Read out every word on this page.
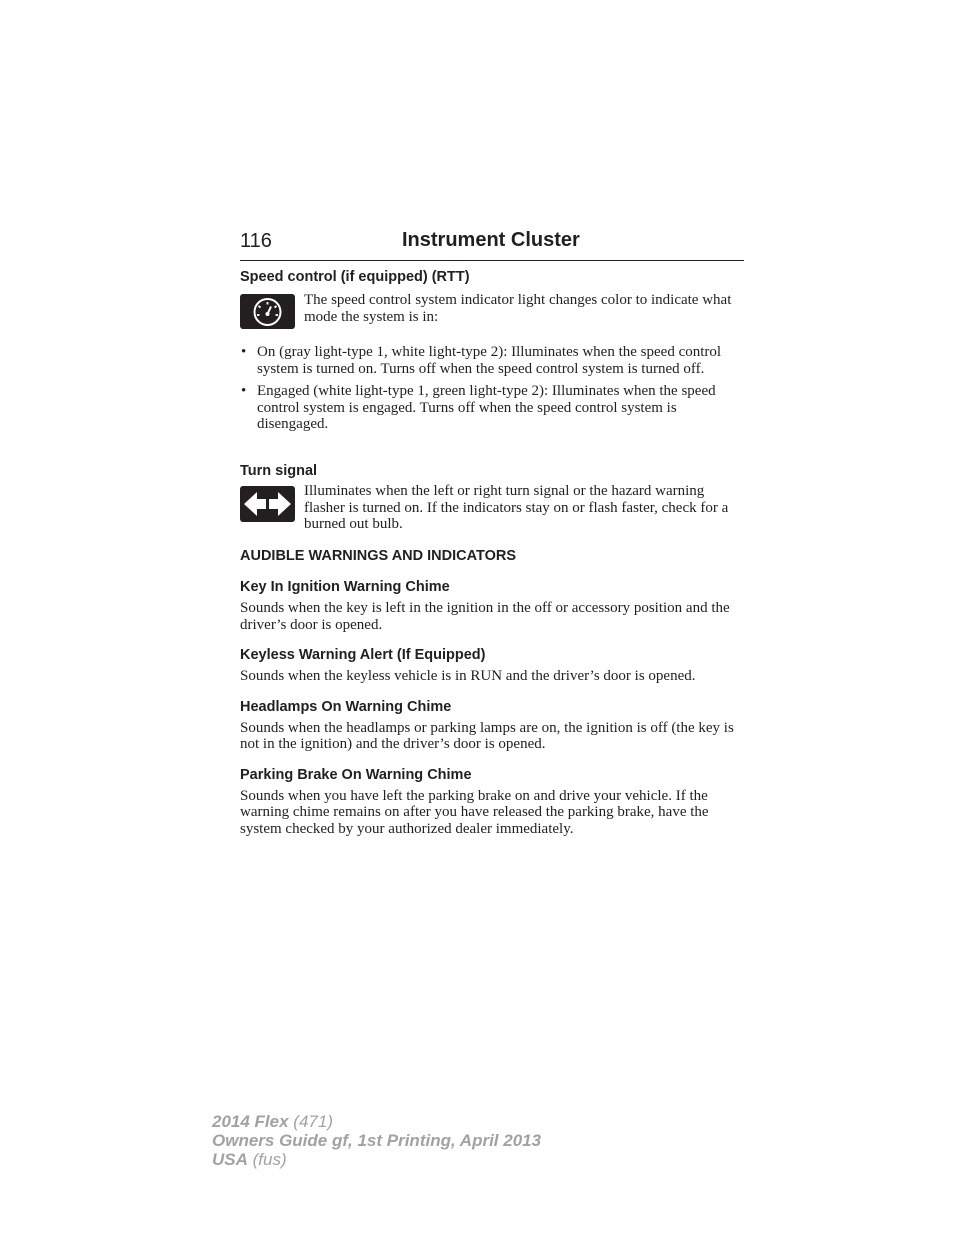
116	Instrument Cluster

Speed control (if equipped) (RTT)

The speed control system indicator light changes color to indicate what mode the system is in:

• On (gray light-type 1, white light-type 2): Illuminates when the speed control system is turned on. Turns off when the speed control system is turned off.
• Engaged (white light-type 1, green light-type 2): Illuminates when the speed control system is engaged. Turns off when the speed control system is disengaged.

Turn signal

Illuminates when the left or right turn signal or the hazard warning flasher is turned on. If the indicators stay on or flash faster, check for a burned out bulb.

AUDIBLE WARNINGS AND INDICATORS

Key In Ignition Warning Chime

Sounds when the key is left in the ignition in the off or accessory position and the driver’s door is opened.

Keyless Warning Alert (If Equipped)

Sounds when the keyless vehicle is in RUN and the driver’s door is opened.

Headlamps On Warning Chime

Sounds when the headlamps or parking lamps are on, the ignition is off (the key is not in the ignition) and the driver’s door is opened.

Parking Brake On Warning Chime

Sounds when you have left the parking brake on and drive your vehicle. If the warning chime remains on after you have released the parking brake, have the system checked by your authorized dealer immediately.

2014 Flex (471)
Owners Guide gf, 1st Printing, April 2013
USA (fus)
